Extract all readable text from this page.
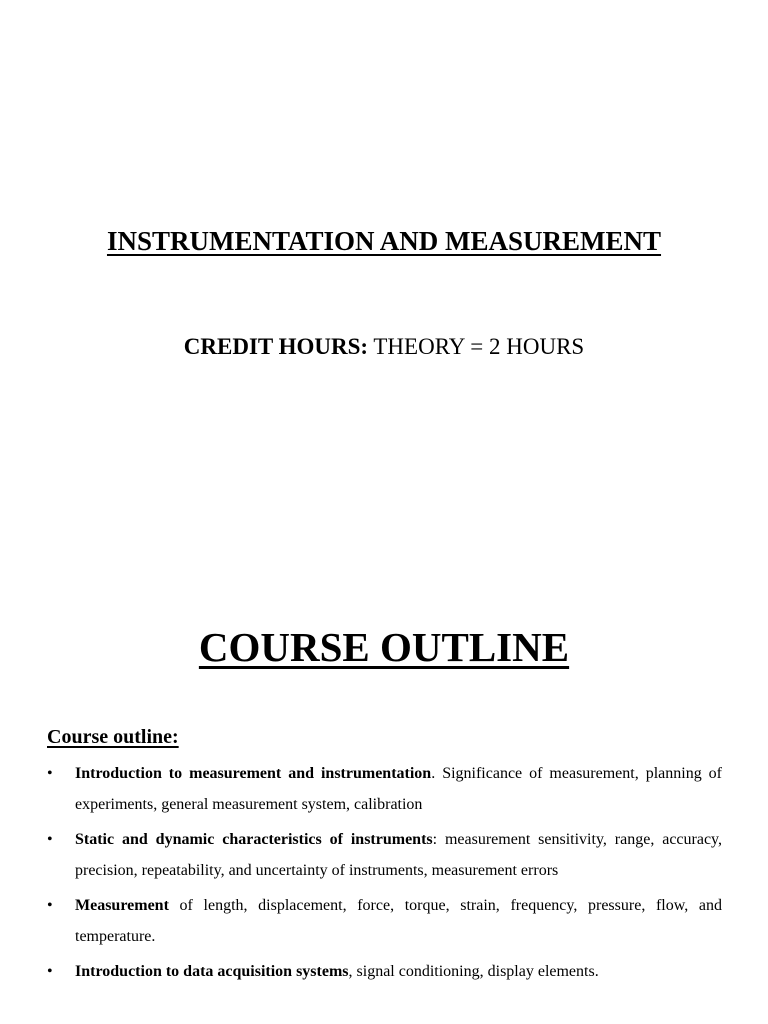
INSTRUMENTATION AND MEASUREMENT

CREDIT HOURS: THEORY = 2 HOURS

COURSE OUTLINE
Course outline:
• Introduction to measurement and instrumentation. Significance of measurement, planning of experiments, general measurement system, calibration
• Static and dynamic characteristics of instruments: measurement sensitivity, range, accuracy, precision, repeatability, and uncertainty of instruments, measurement errors
• Measurement of length, displacement, force, torque, strain, frequency, pressure, flow, and temperature.
• Introduction to data acquisition systems, signal conditioning, display elements.
